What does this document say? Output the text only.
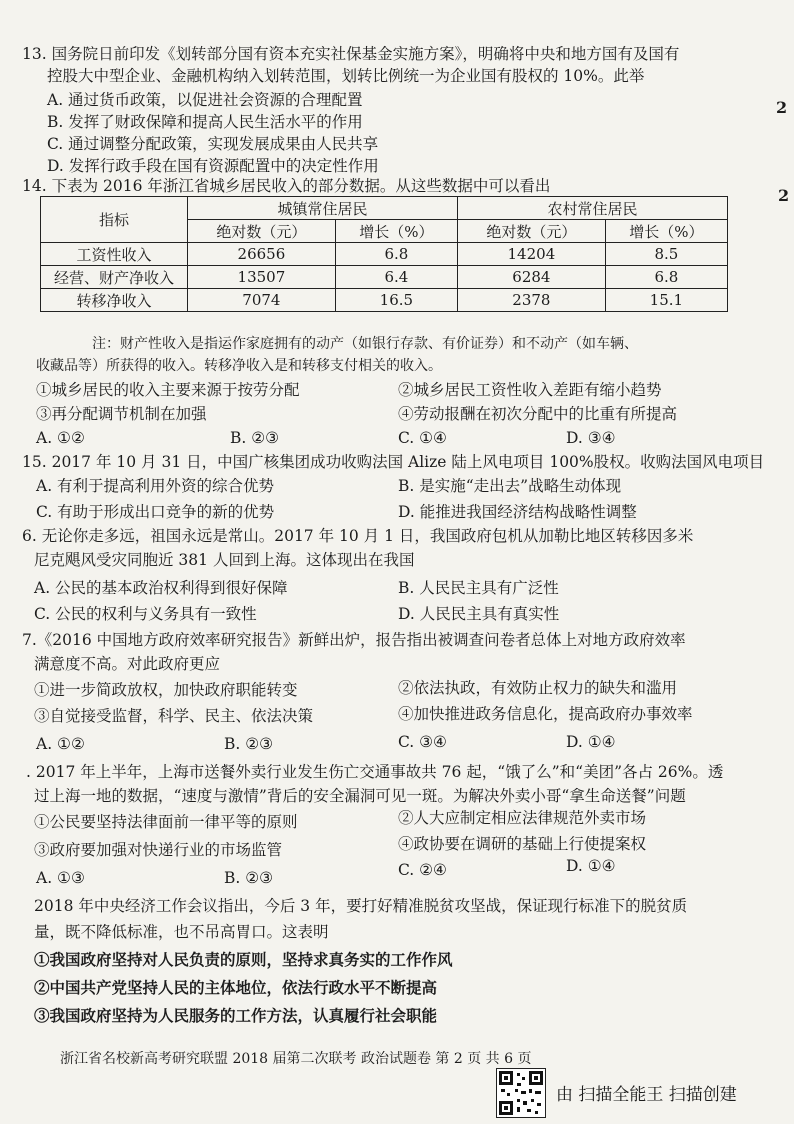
13. 国务院日前印发《划转部分国有资本充实社保基金实施方案》，明确将中央和地方国有及国有
控股大中型企业、金融机构纳入划转范围，划转比例统一为企业国有股权的 10%。此举
A. 通过货币政策，以促进社会资源的合理配置
B. 发挥了财政保障和提高人民生活水平的作用
C. 通过调整分配政策，实现发展成果由人民共享
D. 发挥行政手段在国有资源配置中的决定性作用
14. 下表为 2016 年浙江省城乡居民收入的部分数据。从这些数据中可以看出
指标	城镇常住居民		农村常住居民	
	绝对数（元）	增长（%）	绝对数（元）	增长（%）
工资性收入	26656	6.8	14204	8.5
经营、财产净收入	13507	6.4	6284	6.8
转移净收入	7074	16.5	2378	15.1
注：财产性收入是指运作家庭拥有的动产（如银行存款、有价证券）和不动产（如车辆、
收藏品等）所获得的收入。转移净收入是和转移支付相关的收入。
①城乡居民的收入主要来源于按劳分配	②城乡居民工资性收入差距有缩小趋势
③再分配调节机制在加强	④劳动报酬在初次分配中的比重有所提高
A. ①②	B. ②③	C. ①④	D. ③④
15. 2017 年 10 月 31 日，中国广核集团成功收购法国 Alize 陆上风电项目 100%股权。收购法国风电项目
A. 有利于提高利用外资的综合优势	B. 是实施“走出去”战略生动体现
C. 有助于形成出口竞争的新的优势	D. 能推进我国经济结构战略性调整
6. 无论你走多远，祖国永远是常山。2017 年 10 月 1 日，我国政府包机从加勒比地区转移因多米
尼克飓风受灾同胞近 381 人回到上海。这体现出在我国
A. 公民的基本政治权利得到很好保障	B. 人民民主具有广泛性
C. 公民的权利与义务具有一致性	D. 人民民主具有真实性
7.《2016 中国地方政府效率研究报告》新鲜出炉，报告指出被调查问卷者总体上对地方政府效率
满意度不高。对此政府更应
①进一步简政放权，加快政府职能转变	②依法执政，有效防止权力的缺失和滥用
③自觉接受监督，科学、民主、依法决策	④加快推进政务信息化，提高政府办事效率
A. ①②	B. ②③	C. ③④	D. ①④
. 2017 年上半年，上海市送餐外卖行业发生伤亡交通事故共 76 起，“饿了么”和“美团”各占 26%。透
过上海一地的数据，“速度与激情”背后的安全漏洞可见一斑。为解决外卖小哥“拿生命送餐”问题
①公民要坚持法律面前一律平等的原则	②人大应制定相应法律规范外卖市场
③政府要加强对快递行业的市场监管	④政协要在调研的基础上行使提案权
A. ①③	B. ②③	C. ②④	D. ①④
2018 年中央经济工作会议指出，今后 3 年，要打好精准脱贫攻坚战，保证现行标准下的脱贫质
量，既不降低标准，也不吊高胃口。这表明
①我国政府坚持对人民负责的原则，坚持求真务实的工作作风
②中国共产党坚持人民的主体地位，依法行政水平不断提高
③我国政府坚持为人民服务的工作方法，认真履行社会职能
2
2
浙江省名校新高考研究联盟 2018 届第二次联考 政治试题卷 第 2 页 共 6 页
由 扫描全能王 扫描创建
